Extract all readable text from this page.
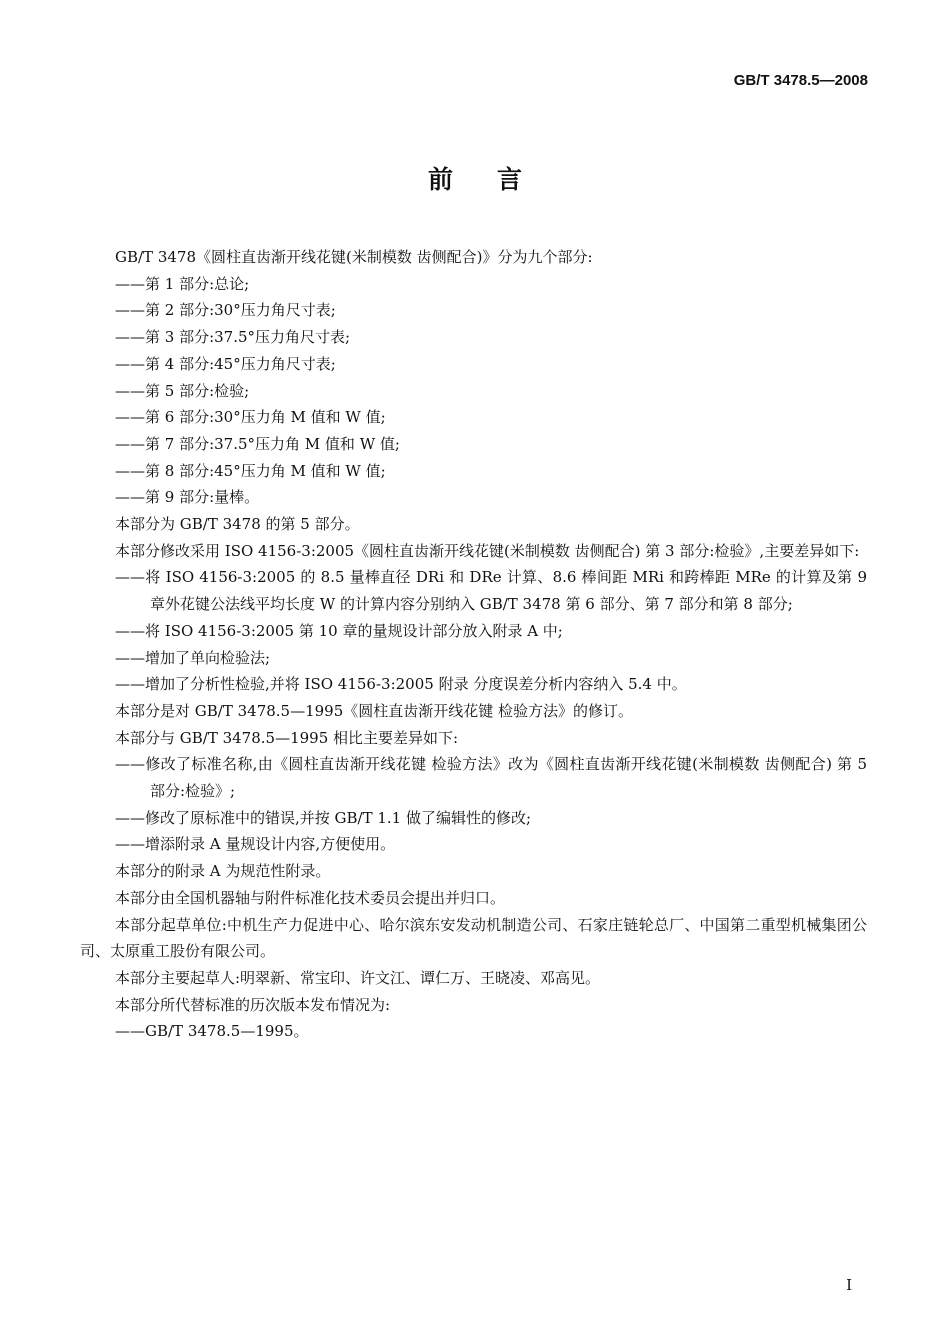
GB/T 3478.5—2008
前言

GB/T 3478《圆柱直齿渐开线花键(米制模数 齿侧配合)》分为九个部分:

——第 1 部分:总论;

——第 2 部分:30°压力角尺寸表;

——第 3 部分:37.5°压力角尺寸表;

——第 4 部分:45°压力角尺寸表;

——第 5 部分:检验;

——第 6 部分:30°压力角 M 值和 W 值;

——第 7 部分:37.5°压力角 M 值和 W 值;

——第 8 部分:45°压力角 M 值和 W 值;

——第 9 部分:量棒。

本部分为 GB/T 3478 的第 5 部分。

本部分修改采用 ISO 4156-3:2005《圆柱直齿渐开线花键(米制模数 齿侧配合) 第 3 部分:检验》,主要差异如下:

——将 ISO 4156-3:2005 的 8.5 量棒直径 DRi 和 DRe 计算、8.6 棒间距 MRi 和跨棒距 MRe 的计算及第 9 章外花键公法线平均长度 W 的计算内容分别纳入 GB/T 3478 第 6 部分、第 7 部分和第 8 部分;

——将 ISO 4156-3:2005 第 10 章的量规设计部分放入附录 A 中;

——增加了单向检验法;

——增加了分析性检验,并将 ISO 4156-3:2005 附录 分度误差分析内容纳入 5.4 中。

本部分是对 GB/T 3478.5—1995《圆柱直齿渐开线花键 检验方法》的修订。

本部分与 GB/T 3478.5—1995 相比主要差异如下:

——修改了标准名称,由《圆柱直齿渐开线花键 检验方法》改为《圆柱直齿渐开线花键(米制模数 齿侧配合) 第 5 部分:检验》;

——修改了原标准中的错误,并按 GB/T 1.1 做了编辑性的修改;

——增添附录 A 量规设计内容,方便使用。

本部分的附录 A 为规范性附录。

本部分由全国机器轴与附件标准化技术委员会提出并归口。

本部分起草单位:中机生产力促进中心、哈尔滨东安发动机制造公司、石家庄链轮总厂、中国第二重型机械集团公司、太原重工股份有限公司。

本部分主要起草人:明翠新、常宝印、许文江、谭仁万、王晓凌、邓高见。

本部分所代替标准的历次版本发布情况为:

——GB/T 3478.5—1995。

I
